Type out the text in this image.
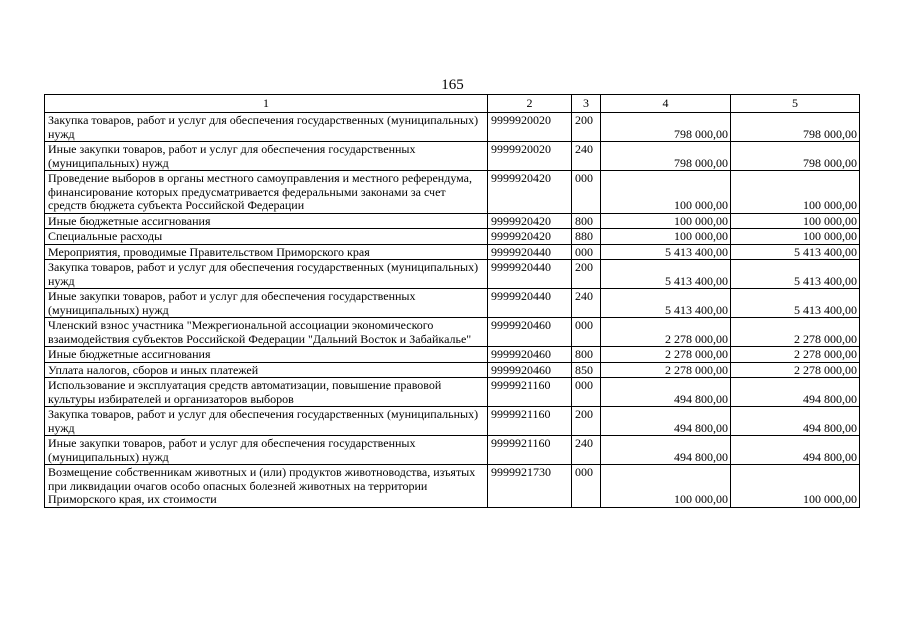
165
1	2	3	4	5
Закупка товаров, работ и услуг для обеспечения государственных (муниципальных) нужд	9999920020	200	798 000,00	798 000,00
Иные закупки товаров, работ и услуг для обеспечения государственных (муниципальных) нужд	9999920020	240	798 000,00	798 000,00
Проведение выборов в органы местного самоуправления и местного референдума, финансирование которых предусматривается федеральными законами за счет средств бюджета субъекта Российской Федерации	9999920420	000	100 000,00	100 000,00
Иные бюджетные ассигнования	9999920420	800	100 000,00	100 000,00
Специальные расходы	9999920420	880	100 000,00	100 000,00
Мероприятия, проводимые Правительством Приморского края	9999920440	000	5 413 400,00	5 413 400,00
Закупка товаров, работ и услуг для обеспечения государственных (муниципальных) нужд	9999920440	200	5 413 400,00	5 413 400,00
Иные закупки товаров, работ и услуг для обеспечения государственных (муниципальных) нужд	9999920440	240	5 413 400,00	5 413 400,00
Членский взнос участника "Межрегиональной ассоциации экономического взаимодействия субъектов Российской Федерации "Дальний Восток и Забайкалье"	9999920460	000	2 278 000,00	2 278 000,00
Иные бюджетные ассигнования	9999920460	800	2 278 000,00	2 278 000,00
Уплата налогов, сборов и иных платежей	9999920460	850	2 278 000,00	2 278 000,00
Использование и эксплуатация средств автоматизации, повышение правовой культуры избирателей и организаторов выборов	9999921160	000	494 800,00	494 800,00
Закупка товаров, работ и услуг для обеспечения государственных (муниципальных) нужд	9999921160	200	494 800,00	494 800,00
Иные закупки товаров, работ и услуг для обеспечения государственных (муниципальных) нужд	9999921160	240	494 800,00	494 800,00
Возмещение собственникам животных и (или) продуктов животноводства, изъятых при ликвидации очагов особо опасных болезней животных на территории Приморского края, их стоимости	9999921730	000	100 000,00	100 000,00
